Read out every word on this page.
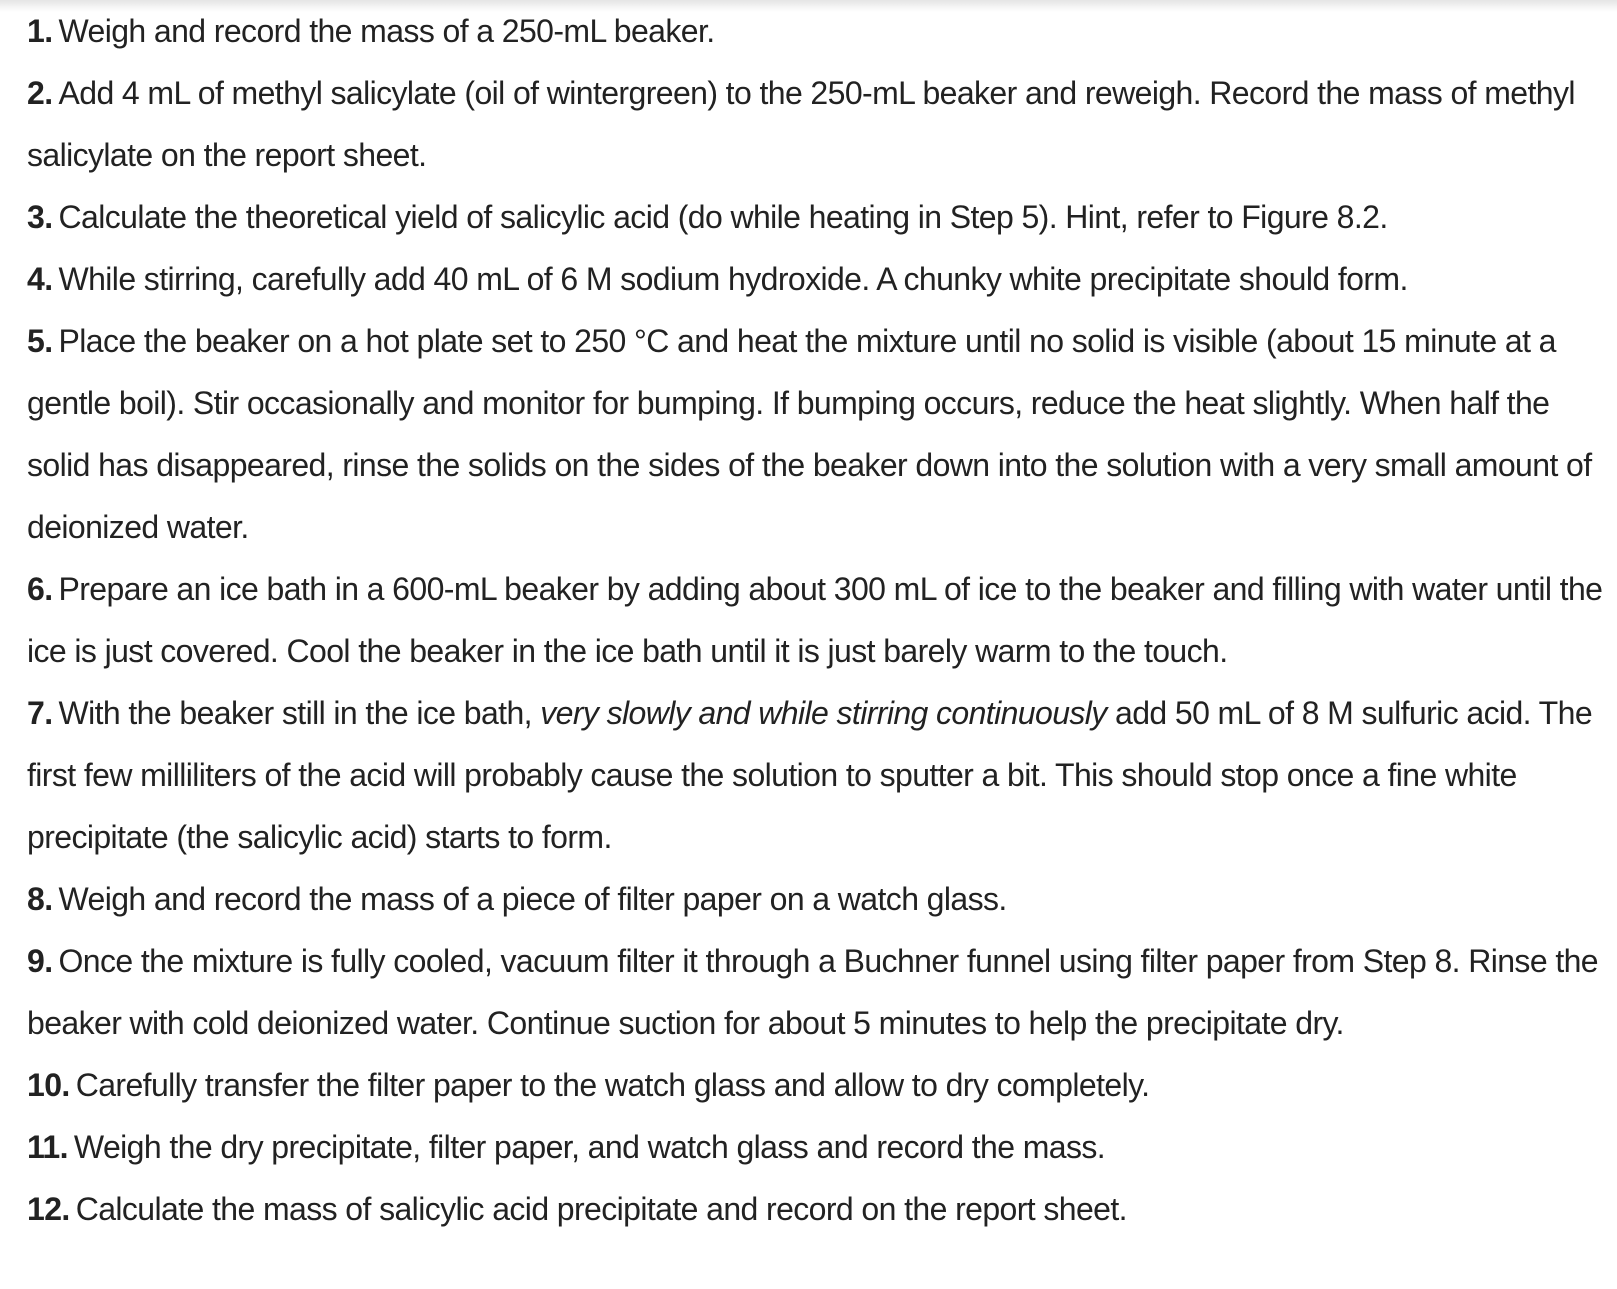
1. Weigh and record the mass of a 250-mL beaker.
2. Add 4 mL of methyl salicylate (oil of wintergreen) to the 250-mL beaker and reweigh. Record the mass of methyl salicylate on the report sheet.
3. Calculate the theoretical yield of salicylic acid (do while heating in Step 5). Hint, refer to Figure 8.2.
4. While stirring, carefully add 40 mL of 6 M sodium hydroxide. A chunky white precipitate should form.
5. Place the beaker on a hot plate set to 250 °C and heat the mixture until no solid is visible (about 15 minute at a gentle boil). Stir occasionally and monitor for bumping. If bumping occurs, reduce the heat slightly. When half the solid has disappeared, rinse the solids on the sides of the beaker down into the solution with a very small amount of deionized water.
6. Prepare an ice bath in a 600-mL beaker by adding about 300 mL of ice to the beaker and filling with water until the ice is just covered. Cool the beaker in the ice bath until it is just barely warm to the touch.
7. With the beaker still in the ice bath, very slowly and while stirring continuously add 50 mL of 8 M sulfuric acid. The first few milliliters of the acid will probably cause the solution to sputter a bit. This should stop once a fine white precipitate (the salicylic acid) starts to form.
8. Weigh and record the mass of a piece of filter paper on a watch glass.
9. Once the mixture is fully cooled, vacuum filter it through a Buchner funnel using filter paper from Step 8. Rinse the beaker with cold deionized water. Continue suction for about 5 minutes to help the precipitate dry.
10. Carefully transfer the filter paper to the watch glass and allow to dry completely.
11. Weigh the dry precipitate, filter paper, and watch glass and record the mass.
12. Calculate the mass of salicylic acid precipitate and record on the report sheet.
